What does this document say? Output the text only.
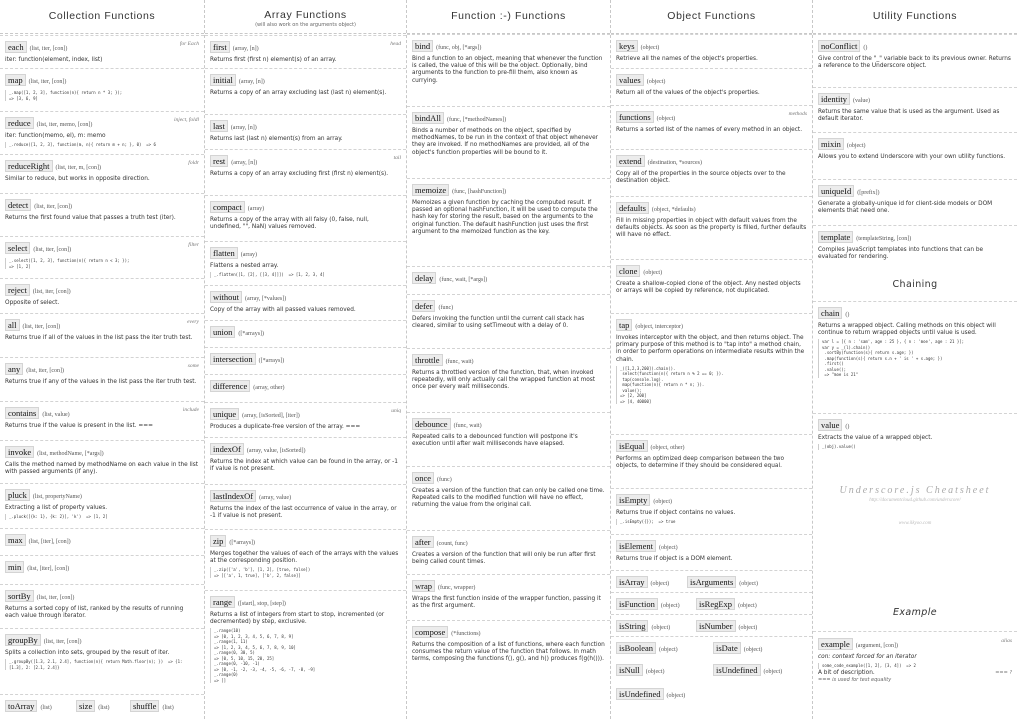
Collection Functions
each (list, iter, [con])
for Each
iter: function(element, index, list)
map (list, iter, [con])
_.map([1, 2, 3], function(n){ return n * 3; });
=> [3, 6, 9]
reduce (list, iter, memo, [con])
inject, foldl
iter: function(memo, el), m: memo
_.reduce([1, 2, 3], function(m, n){ return m + n; }, 0)  => 6
reduceRight (list, iter, m, [con])
foldr
Similar to reduce, but works in opposite direction.
detect (list, iter, [con])
Returns the first found value that passes a truth test (iter).
select (list, iter, [con])
filter
_.select([1, 2, 3], function(n){ return n < 3; });
=> [1, 2]
reject (list, iter, [con])
Opposite of select.
all (list, iter, [con])
every
Returns true if all of the values in the list pass the iter truth test.
any (list, iter, [con])
some
Returns true if any of the values in the list pass the iter truth test.
contains (list, value)
include
Returns true if the value is present in the list. ===
invoke (list, methodName, [*args])
Calls the method named by methodName on each value in the list with passed arguments (if any).
pluck (list, propertyName)
Extracting a list of property values.
_.pluck([{k: 1}, {k: 2}], 'k')  => [1, 2]
max (list, [iter], [con])
min (list, [iter], [con])
sortBy (list, iter, [con])
Returns a sorted copy of list, ranked by the results of running each value through iterator.
groupBy (list, iter, [con])
Splits a collection into sets, grouped by the result of iter.
_.groupBy([1.3, 2.1, 2.4], function(n){ return Math.floor(n); })  => {1:
[1.3], 2: [2.1, 2.4]}
toArray (list)	size (list)	shuffle (list)
Array Functions
(will also work on the arguments object)
first (array, [n])
head
Returns first (first n) element(s) of an array.
initial (array, [n])
Returns a copy of an array excluding last (last n) element(s).
last (array, [n])
Returns last (last n) element(s) from an array.
rest (array, [n])
tail
Returns a copy of an array excluding first (first n) element(s).
compact (array)
Returns a copy of the array with all falsy (0, false, null, undefined, "", NaN) values removed.
flatten (array)
Flattens a nested array.
_.flatten([1, [2], [[3, 4]]])  => [1, 2, 3, 4]
without (array, [*values])
Copy of the array with all passed values removed.
union ([*arrays])
intersection ([*arrays])
difference (array, other)
unique (array, [isSorted], [iter])
uniq
Produces a duplicate-free version of the array. ===
indexOf (array, value, [isSorted])
Returns the index at which value can be found in the array, or -1 if value is not present.
lastIndexOf (array, value)
Returns the index of the last occurrence of value in the array, or -1 if value is not present.
zip ([*arrays])
Merges together the values of each of the arrays with the values at the corresponding position.
_.zip(['a', 'b'], [1, 2], [true, false])
=> [['a', 1, true], ['b', 2, false]]
range ([start], stop, [step])
Returns a list of integers from start to stop, incremented (or decremented) by step, exclusive.
_.range(10)
=> [0, 1, 2, 3, 4, 5, 6, 7, 8, 9]
_.range(1, 11)
=> [1, 2, 3, 4, 5, 6, 7, 8, 9, 10]
_.range(0, 30, 5)
=> [0, 5, 10, 15, 20, 25]
_.range(0, -10, -1)
=> [0, -1, -2, -3, -4, -5, -6, -7, -8, -9]
_.range(0)
=> []
Function :-) Functions
bind (func, obj, [*args])
Bind a function to an object, meaning that whenever the function is called, the value of this will be the object. Optionally, bind arguments to the function to pre-fill them, also known as currying.
bindAll (func, [*methodNames])
Binds a number of methods on the object, specified by methodNames, to be run in the context of that object whenever they are invoked. If no methodNames are provided, all of the object's function properties will be bound to it.
memoize (func, [hashFunction])
Memoizes a given function by caching the computed result. If passed an optional hashFunction, it will be used to compute the hash key for storing the result, based on the arguments to the original function. The default hashFunction just uses the first argument to the memoized function as the key.
delay (func, wait, [*args])
defer (func)
Defers invoking the function until the current call stack has cleared, similar to using setTimeout with a delay of 0.
throttle (func, wait)
Returns a throttled version of the function, that, when invoked repeatedly, will only actually call the wrapped function at most once per every wait milliseconds.
debounce (func, wait)
Repeated calls to a debounced function will postpone it's execution until after wait milliseconds have elapsed.
once (func)
Creates a version of the function that can only be called one time. Repeated calls to the modified function will have no effect, returning the value from the original call.
after (count, func)
Creates a version of the function that will only be run after first being called count times.
wrap (func, wrapper)
Wraps the first function inside of the wrapper function, passing it as the first argument.
compose (*functions)
Returns the composition of a list of functions, where each function consumes the return value of the function that follows. In math terms, composing the functions f(), g(), and h() produces f(g(h())).
Object Functions
keys (object)
Retrieve all the names of the object's properties.
values (object)
Return all of the values of the object's properties.
functions (object)
methods
Returns a sorted list of the names of every method in an object.
extend (destination, *sources)
Copy all of the properties in the source objects over to the destination object.
defaults (object, *defaults)
Fill in missing properties in object with default values from the defaults objects. As soon as the property is filled, further defaults will have no effect.
clone (object)
Create a shallow-copied clone of the object. Any nested objects or arrays will be copied by reference, not duplicated.
tap (object, interceptor)
Invokes interceptor with the object, and then returns object. The primary purpose of this method is to "tap into" a method chain, in order to perform operations on intermediate results within the chain.
_([1,2,3,200]).chain().
select(function(n){ return n % 2 == 0; }).
tap(console.log).
map(function(n){ return n * n; }).
value();
=> [2, 200]
=> [4, 40000]
isEqual (object, other)
Performs an optimized deep comparison between the two objects, to determine if they should be considered equal.
isEmpty (object)
Returns true if object contains no values.
_.isEmpty({});  => true
isElement (object)
Returns true if object is a DOM element.
isArray (object)	isArguments (object)
isFunction (object)	isRegExp (object)
isString (object)	isNumber (object)
isBoolean (object)	isDate (object)
isNull (object)	isUndefined (object)
isUndefined (object)
Utility Functions
noConflict ()
Give control of the "_" variable back to its previous owner. Returns a reference to the Underscore object.
identity (value)
Returns the same value that is used as the argument. Used as default iterator.
mixin (object)
Allows you to extend Underscore with your own utility functions.
uniqueId ([prefix])
Generate a globally-unique id for client-side models or DOM elements that need one.
template (templateString, [con])
Compiles JavaScript templates into functions that can be evaluated for rendering.
chain ()
Returns a wrapped object. Calling methods on this object will continue to return wrapped objects until value is used.
var l = [{ n : 'sam', age : 25 }, { n : 'moe', age : 21 }];
var y = _(l).chain()
.sortBy(function(s){ return s.age; })
.map(function(s){ return s.n + ' is ' + s.age; })
.first()
.value();
=> "moe is 21"
value ()
Extracts the value of a wrapped object.
_(obj).value()
Chaining
Underscore.js Cheatsheet
http://documentcloud.github.com/underscore/
www.ilkyoo.com
Example
example (argument, [con])
alias
con: context forced for an iterator
some_code_example([1, 2], [3, 4])  => 2
A bit of description.	=== ?
=== is used for test equality
